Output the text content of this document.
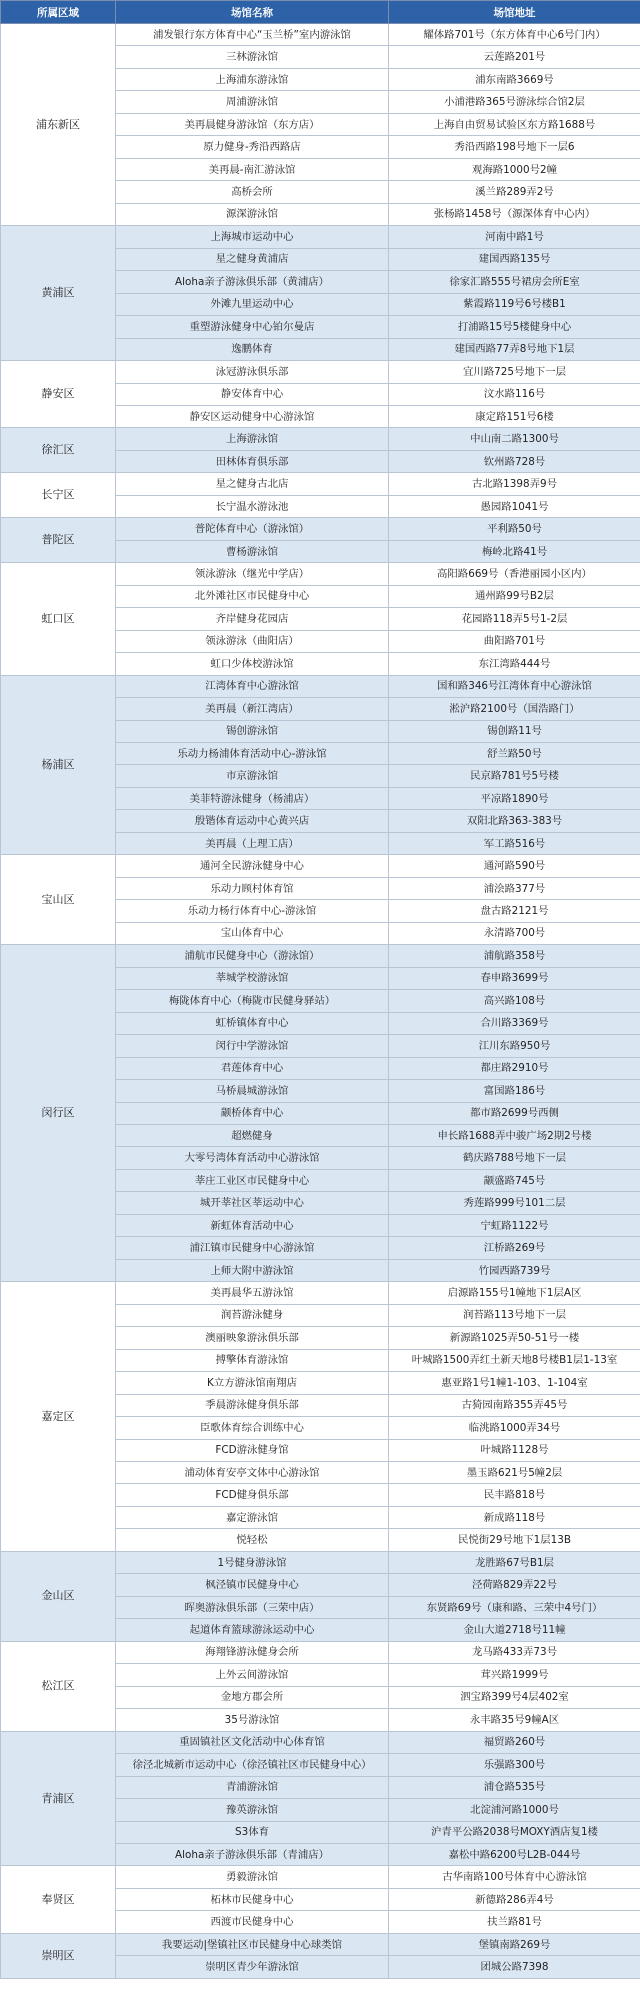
所属区域	场馆名称	场馆地址
浦东新区	浦发银行东方体育中心“玉兰桥”室内游泳馆	耀体路701号（东方体育中心6号门内）
	三林游泳馆	云莲路201号
	上海浦东游泳馆	浦东南路3669号
	周浦游泳馆	小浦港路365号游泳综合馆2层
	美再晨健身游泳馆（东方店）	上海自由贸易试验区东方路1688号
	原力健身-秀沿西路店	秀沿西路198号地下一层6
	美再晨-南汇游泳馆	观海路1000号2幢
	高桥会所	溪兰路289弄2号
	源深游泳馆	张杨路1458号（源深体育中心内）
黄浦区	上海城市运动中心	河南中路1号
	星之健身黄浦店	建国西路135号
	Aloha亲子游泳俱乐部（黄浦店）	徐家汇路555号裙房会所E室
	外滩九里运动中心	紫霞路119号6号楼B1
	重塑游泳健身中心铂尔曼店	打浦路15号5楼健身中心
	逸鹏体育	建国西路77弄8号地下1层
静安区	泳冠游泳俱乐部	宜川路725号地下一层
	静安体育中心	汶水路116号
	静安区运动健身中心游泳馆	康定路151号6楼
徐汇区	上海游泳馆	中山南二路1300号
	田林体育俱乐部	钦州路728号
长宁区	星之健身古北店	古北路1398弄9号
	长宁温水游泳池	愚园路1041号
普陀区	普陀体育中心（游泳馆）	平利路50号
	曹杨游泳馆	梅岭北路41号
虹口区	领泳游泳（继光中学店）	高阳路669号（香港丽园小区内）
	北外滩社区市民健身中心	通州路99号B2层
	齐岸健身花园店	花园路118弄5号1-2层
	领泳游泳（曲阳店）	曲阳路701号
	虹口少体校游泳馆	东江湾路444号
杨浦区	江湾体育中心游泳馆	国和路346号江湾体育中心游泳馆
	美再晨（新江湾店）	淞沪路2100号（国浩路门）
	锡创游泳馆	锡创路11号
	乐动力杨浦体育活动中心-游泳馆	舒兰路50号
	市京游泳馆	民京路781号5号楼
	美菲特游泳健身（杨浦店）	平凉路1890号
	殷锴体育运动中心黄兴店	双阳北路363-383号
	美再晨（上理工店）	军工路516号
宝山区	通河全民游泳健身中心	通河路590号
	乐动力顾村体育馆	浦浍路377号
	乐动力杨行体育中心-游泳馆	盘古路2121号
	宝山体育中心	永清路700号
闵行区	浦航市民健身中心（游泳馆）	浦航路358号
	莘城学校游泳馆	春申路3699号
	梅陇体育中心（梅陇市民健身驿站）	高兴路108号
	虹桥镇体育中心	合川路3369号
	闵行中学游泳馆	江川东路950号
	君莲体育中心	都庄路2910号
	马桥晨城游泳馆	富国路186号
	颛桥体育中心	都市路2699号西侧
	超燃健身	申长路1688弄中骏广场2期2号楼
	大零号湾体育活动中心游泳馆	鹤庆路788号地下一层
	莘庄工业区市民健身中心	颛盛路745号
	城开莘社区莘运动中心	秀莲路999号101二层
	新虹体育活动中心	宁虹路1122号
	浦江镇市民健身中心游泳馆	江桥路269号
	上师大附中游泳馆	竹园西路739号
嘉定区	美再晨华五游泳馆	启源路155号1幢地下1层A区
	润苔游泳健身	润苔路113号地下一层
	澳丽映象游泳俱乐部	新源路1025弄50-51号一楼
	搏擎体育游泳馆	叶城路1500弄红土新天地8号楼B1层1-13室
	K立方游泳馆南翔店	惠亚路1号1幢1-103、1-104室
	季晨游泳健身俱乐部	古猗园南路355弄45号
	臣歌体育综合训练中心	临洮路1000弄34号
	FCD游泳健身馆	叶城路1128号
	浦动体育安亭文体中心游泳馆	墨玉路621号5幢2层
	FCD健身俱乐部	民丰路818号
	嘉定游泳馆	新成路118号
	悦轻松	民悦街29号地下1层13B
金山区	1号健身游泳馆	龙胜路67号B1层
	枫泾镇市民健身中心	泾荷路829弄22号
	晖奥游泳俱乐部（三荣中店）	东贤路69号（康和路、三荣中4号门）
	起道体育篮球游泳运动中心	金山大道2718号11幢
松江区	海翔锋游泳健身会所	龙马路433弄73号
	上外云间游泳馆	茸兴路1999号
	金地方郡会所	泗宝路399号4层402室
	35号游泳馆	永丰路35号9幢A区
青浦区	重固镇社区文化活动中心体育馆	福贸路260号
	徐泾北城新市运动中心（徐泾镇社区市民健身中心）	乐强路300号
	青浦游泳馆	浦仓路535号
	豫英游泳馆	北淀浦河路1000号
	S3体育	沪青平公路2038号MOXY酒店复1楼
	Aloha亲子游泳俱乐部（青浦店）	嘉松中路6200号L2B-044号
奉贤区	勇毅游泳馆	古华南路100号体育中心游泳馆
	柘林市民健身中心	新德路286弄4号
	西渡市民健身中心	扶兰路81号
崇明区	我要运动|堡镇社区市民健身中心球类馆	堡镇南路269号
	崇明区青少年游泳馆	团城公路7398
